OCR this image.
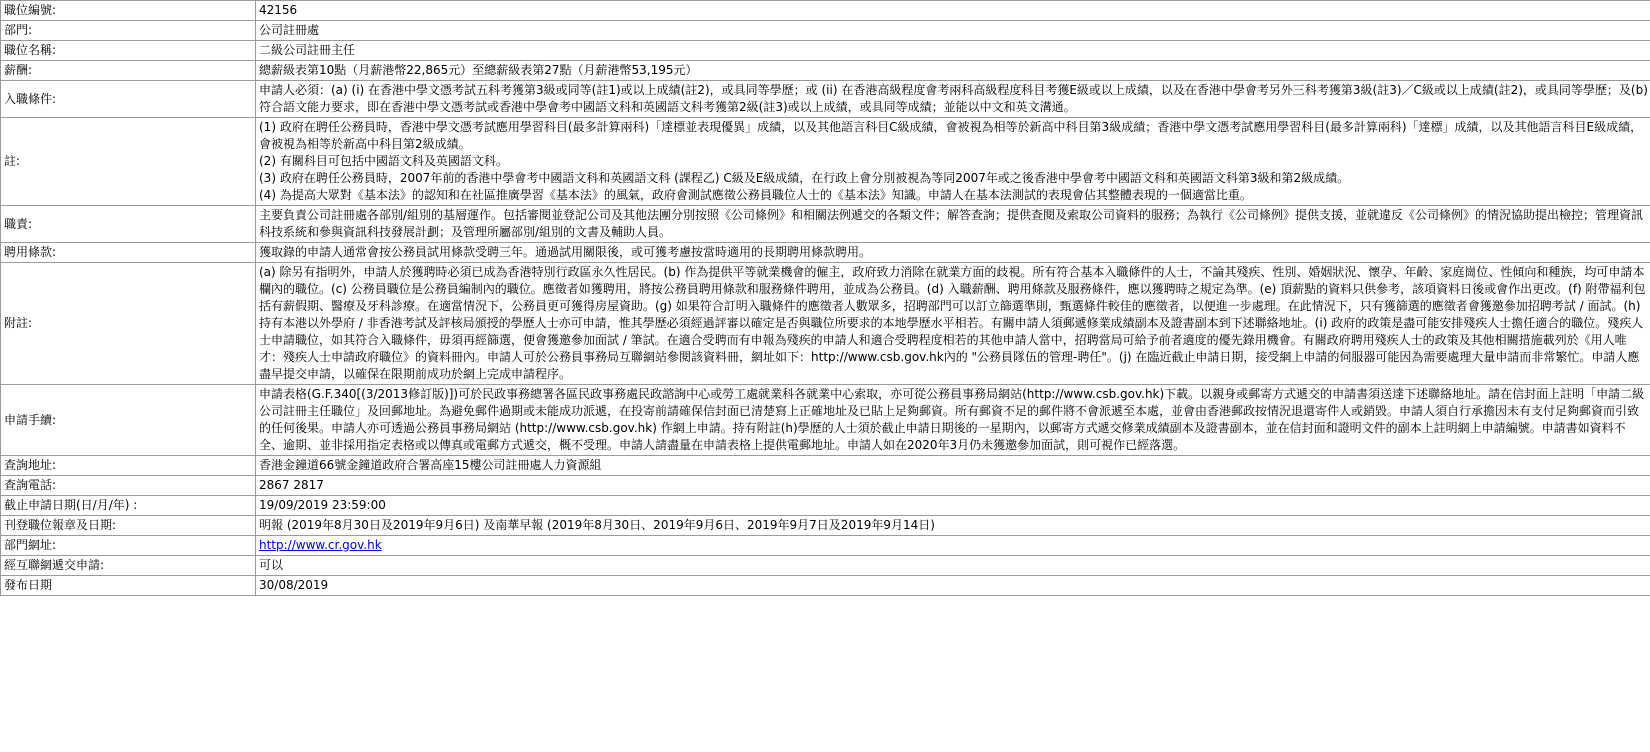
職位編號:	42156
部門:	公司註冊處
職位名稱:	二級公司註冊主任
薪酬:	總薪級表第10點（月薪港幣22,865元）至總薪級表第27點（月薪港幣53,195元）
入職條件:	申請人必須：(a) (i) 在香港中學文憑考試五科考獲第3級或同等(註1)或以上成績(註2)，或具同等學歷；或 (ii) 在香港高級程度會考兩科高級程度科目考獲E級或以上成績，以及在香港中學會考另外三科考獲第3級(註3)／C級或以上成績(註2)，或具同等學歷；及(b)符合語文能力要求，即在香港中學文憑考試或香港中學會考中國語文科和英國語文科考獲第2級(註3)或以上成績，或具同等成績；並能以中文和英文溝通。
註:	(1) 政府在聘任公務員時，香港中學文憑考試應用學習科目(最多計算兩科)「達標並表現優異」成績，以及其他語言科目C級成績，會被視為相等於新高中科目第3級成績；香港中學文憑考試應用學習科目(最多計算兩科)「達標」成績，以及其他語言科目E級成績，會被視為相等於新高中科目第2級成績。
(2) 有關科目可包括中國語文科及英國語文科。
(3) 政府在聘任公務員時，2007年前的香港中學會考中國語文科和英國語文科 (課程乙) C級及E級成績，在行政上會分別被視為等同2007年或之後香港中學會考中國語文科和英國語文科第3級和第2級成績。
(4) 為提高大眾對《基本法》的認知和在社區推廣學習《基本法》的風氣，政府會測試應徵公務員職位人士的《基本法》知識。申請人在基本法測試的表現會佔其整體表現的一個適當比重。

職責:	主要負責公司註冊處各部別/組別的基層運作。包括審閱並登記公司及其他法團分別按照《公司條例》和相關法例遞交的各類文件；解答查詢；提供查閱及索取公司資料的服務；為執行《公司條例》提供支援，並就違反《公司條例》的情況協助提出檢控；管理資訊科技系統和參與資訊科技發展計劃；及管理所屬部別/組別的文書及輔助人員。
聘用條款:	獲取錄的申請人通常會按公務員試用條款受聘三年。通過試用關限後，或可獲考慮按當時適用的長期聘用條款聘用。
附註:	(a) 除另有指明外，申請人於獲聘時必須已成為香港特別行政區永久性居民。(b) 作為提供平等就業機會的僱主，政府致力消除在就業方面的歧視。所有符合基本入職條件的人士，不論其殘疾、性別、婚姻狀況、懷孕、年齡、家庭崗位、性傾向和種族，均可申請本欄內的職位。(c) 公務員職位是公務員編制內的職位。應徵者如獲聘用，將按公務員聘用條款和服務條件聘用，並成為公務員。(d) 入職薪酬、聘用條款及服務條件，應以獲聘時之規定為準。(e) 頂薪點的資料只供參考，該項資料日後或會作出更改。(f) 附帶福利包括有薪假期、醫療及牙科診療。在適當情況下，公務員更可獲得房屋資助。(g) 如果符合訂明入職條件的應徵者人數眾多，招聘部門可以訂立篩選準則，甄選條件較佳的應徵者，以便進一步處理。在此情況下，只有獲篩選的應徵者會獲邀參加招聘考試 / 面試。(h) 持有本港以外學府 / 非香港考試及評核局頒授的學歷人士亦可申請，惟其學歷必須經過評審以確定是否與職位所要求的本地學歷水平相若。有關申請人須郵遞修業成績副本及證書副本到下述聯絡地址。(i) 政府的政策是盡可能安排殘疾人士擔任適合的職位。殘疾人士申請職位，如其符合入職條件，毋須再經篩選，便會獲邀參加面試 / 筆試。在適合受聘而有申報為殘疾的申請人和適合受聘程度相若的其他申請人當中，招聘當局可給予前者適度的優先錄用機會。有關政府聘用殘疾人士的政策及其他相關措施載列於《用人唯才：殘疾人士申請政府職位》的資料冊內。申請人可於公務員事務局互聯網站參閱該資料冊，網址如下：http://www.csb.gov.hk內的 "公務員隊伍的管理-聘任"。(j) 在臨近截止申請日期，接受網上申請的伺服器可能因為需要處理大量申請而非常繁忙。申請人應盡早提交申請，以確保在限期前成功於網上完成申請程序。
申請手續:	申請表格(G.F.340[(3/2013修訂版)])可於民政事務總署各區民政事務處民政諮詢中心或勞工處就業科各就業中心索取，亦可從公務員事務局網站(http://www.csb.gov.hk)下載。以親身或郵寄方式遞交的申請書須送達下述聯絡地址。請在信封面上註明「申請二級公司註冊主任職位」及回郵地址。為避免郵件過期或未能成功派遞，在投寄前請確保信封面已清楚寫上正確地址及已貼上足夠郵資。所有郵資不足的郵件將不會派遞至本處，並會由香港郵政按情況退還寄件人或銷毀。申請人須自行承擔因未有支付足夠郵資而引致的任何後果。申請人亦可透過公務員事務局網站 (http://www.csb.gov.hk) 作網上申請。持有附註(h)學歷的人士須於截止申請日期後的一星期內，以郵寄方式遞交修業成績副本及證書副本，並在信封面和證明文件的副本上註明網上申請編號。申請書如資料不全、逾期、並非採用指定表格或以傳真或電郵方式遞交，概不受理。申請人請盡量在申請表格上提供電郵地址。申請人如在2020年3月仍未獲邀參加面試，則可視作已經落選。
查詢地址:	香港金鐘道66號金鐘道政府合署高座15樓公司註冊處人力資源組
查詢電話:	2867 2817
截止申請日期(日/月/年) :	19/09/2019 23:59:00
刊登職位報章及日期:	明報 (2019年8月30日及2019年9月6日) 及南華早報 (2019年8月30日、2019年9月6日、2019年9月7日及2019年9月14日)
部門網址:	http://www.cr.gov.hk
經互聯網遞交申請:	可以
發布日期	30/08/2019
